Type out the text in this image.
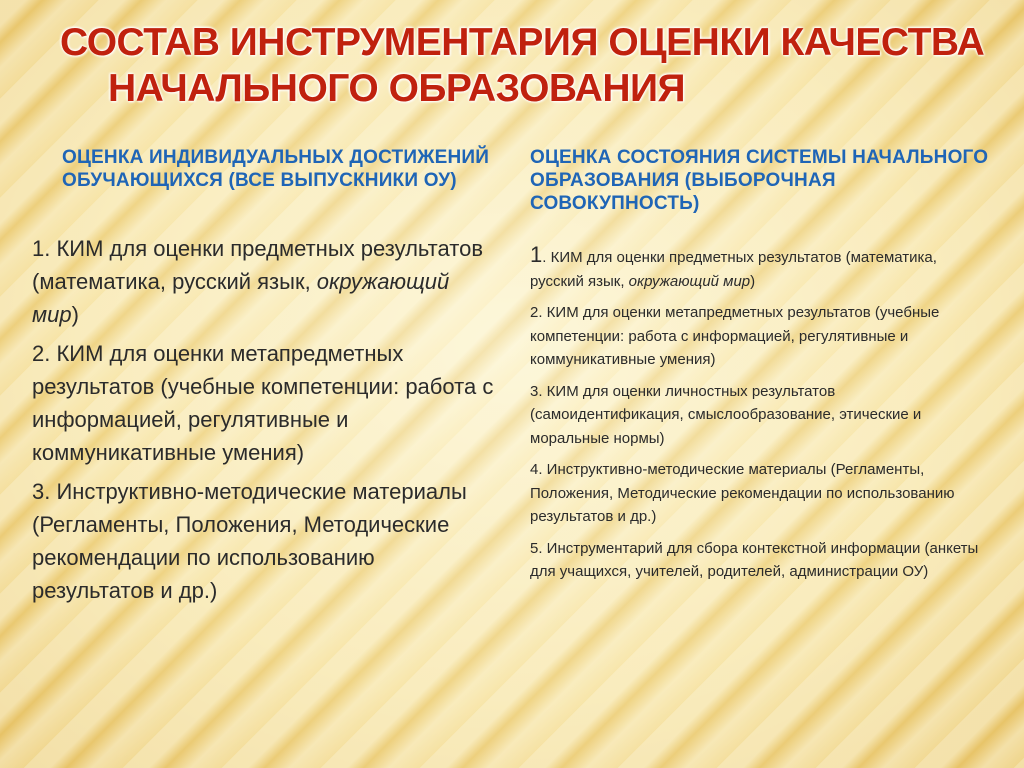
СОСТАВ ИНСТРУМЕНТАРИЯ ОЦЕНКИ КАЧЕСТВА
НАЧАЛЬНОГО ОБРАЗОВАНИЯ
ОЦЕНКА ИНДИВИДУАЛЬНЫХ ДОСТИЖЕНИЙ ОБУЧАЮЩИХСЯ (ВСЕ ВЫПУСКНИКИ ОУ)
1. КИМ для оценки предметных результатов (математика, русский язык, окружающий мир)
2. КИМ для оценки метапредметных результатов (учебные компетенции: работа с информацией, регулятивные и коммуникативные умения)
3. Инструктивно-методические материалы (Регламенты, Положения, Методические рекомендации по использованию результатов и др.)
ОЦЕНКА СОСТОЯНИЯ СИСТЕМЫ НАЧАЛЬНОГО ОБРАЗОВАНИЯ (ВЫБОРОЧНАЯ СОВОКУПНОСТЬ)
1. КИМ для оценки предметных результатов (математика, русский язык, окружающий мир)
2. КИМ для оценки метапредметных результатов (учебные компетенции: работа с информацией, регулятивные и коммуникативные умения)
3. КИМ для оценки личностных результатов (самоидентификация, смыслообразование, этические и моральные нормы)
4. Инструктивно-методические материалы (Регламенты, Положения, Методические рекомендации по использованию результатов и др.)
5. Инструментарий для сбора контекстной информации (анкеты для учащихся, учителей, родителей, администрации ОУ)
